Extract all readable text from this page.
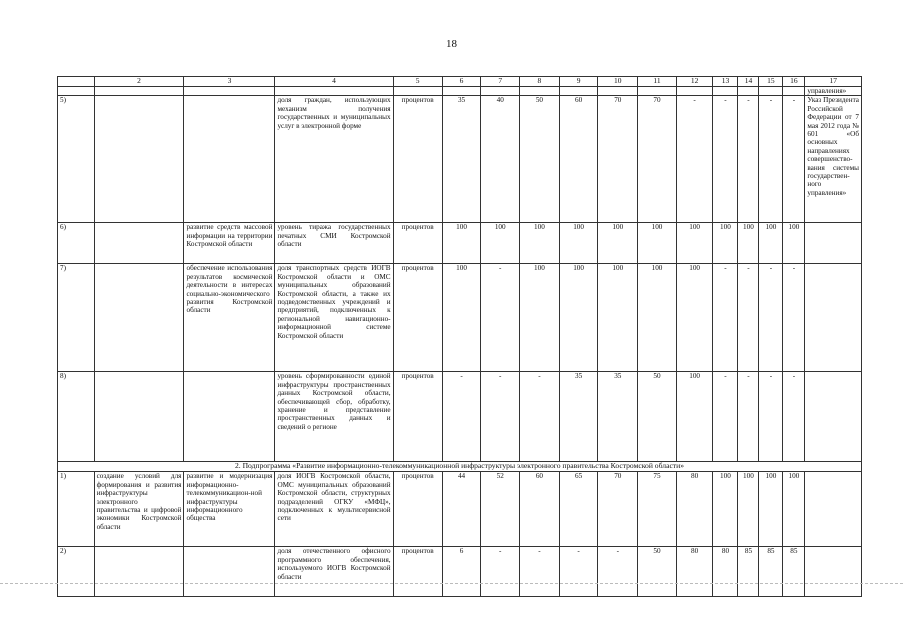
18
	2	3	4	5	6	7	8	9	10	11	12	13	14	15	16	17
																управления»
5)			доля граждан, использующих механизм получения государственных и муниципальных услуг в электронной форме	процентов	35	40	50	60	70	70	-	-	-	-	-	Указ Президента Российской Федерации от 7 мая 2012 года № 601 «Об основных направлениях совершенство-вания системы государствен-ного управления»
6)		развитие средств массовой информации на территории Костромской области	уровень тиража государственных печатных СМИ Костромской области	процентов	100	100	100	100	100	100	100	100	100	100	100	
7)		обеспечение использования результатов космической деятельности в интересах социально-экономического развития Костромской области	доля транспортных средств ИОГВ Костромской области и ОМС муниципальных образований Костромской области, а также их подведомственных учреждений и предприятий, подключенных к региональной навигационно-информационной системе Костромской области	процентов	100	-	100	100	100	100	100	-	-	-	-	
8)			уровень сформированности единой инфраструктуры пространственных данных Костромской области, обеспечивающей сбор, обработку, хранение и представление пространственных данных и сведений о регионе	процентов	-	-	-	35	35	50	100	-	-	-	-	
2. Подпрограмма «Развитие информационно-телекоммуникационной инфраструктуры электронного правительства Костромской области»																
1)	создание условий для формирования и развития инфраструктуры электронного правительства и цифровой экономики Костромской области	развитие и модернизация информационно-телекоммуникацион-ной инфраструктуры информационного общества	доля ИОГВ Костромской области, ОМС муниципальных образований Костромской области, структурных подразделений ОГКУ «МФЦ», подключенных к мультисервисной сети	процентов	44	52	60	65	70	75	80	100	100	100	100	
2)			доля отечественного офисного программного обеспечения, используемого ИОГВ Костромской области	процентов	6	-	-	-	-	50	80	80	85	85	85	
